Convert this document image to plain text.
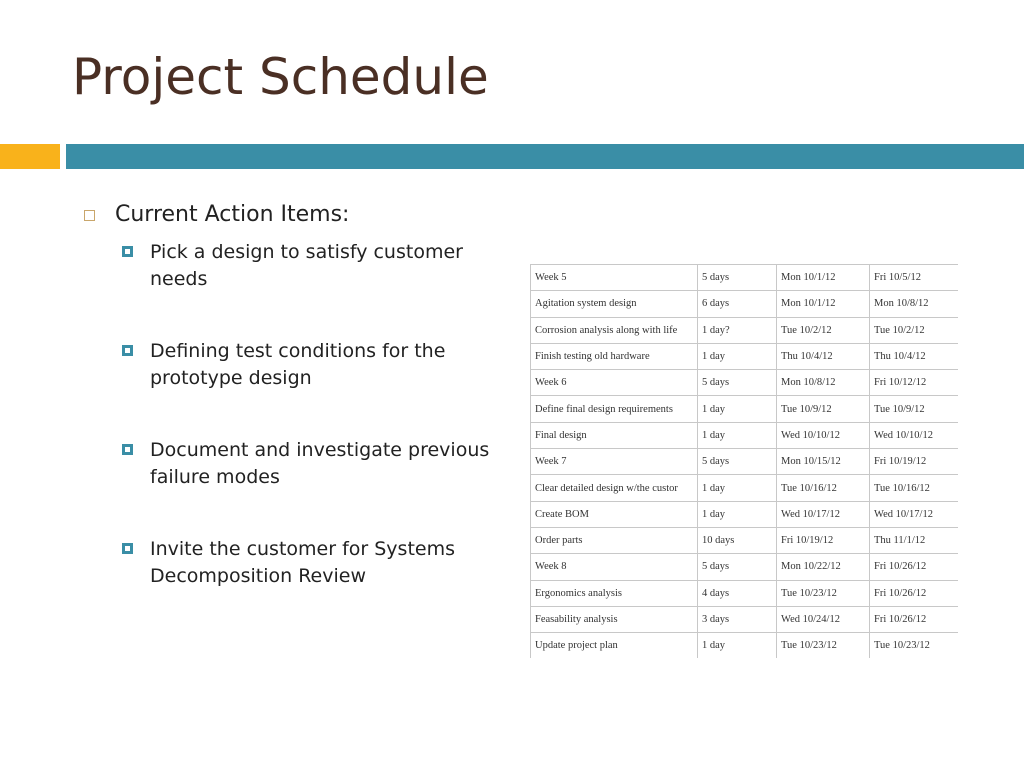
Project Schedule
Current Action Items:
Pick a design to satisfy customer needs
Defining test conditions for the prototype design
Document and investigate previous failure modes
Invite the customer for Systems Decomposition Review
Week 5	5 days	Mon 10/1/12	Fri 10/5/12
Agitation system design	6 days	Mon 10/1/12	Mon 10/8/12
Corrosion analysis along with life	1 day?	Tue 10/2/12	Tue 10/2/12
Finish testing old hardware	1 day	Thu 10/4/12	Thu 10/4/12
Week 6	5 days	Mon 10/8/12	Fri 10/12/12
Define final design requirements	1 day	Tue 10/9/12	Tue 10/9/12
Final design	1 day	Wed 10/10/12	Wed 10/10/12
Week 7	5 days	Mon 10/15/12	Fri 10/19/12
Clear detailed design w/the custor	1 day	Tue 10/16/12	Tue 10/16/12
Create BOM	1 day	Wed 10/17/12	Wed 10/17/12
Order parts	10 days	Fri 10/19/12	Thu 11/1/12
Week 8	5 days	Mon 10/22/12	Fri 10/26/12
Ergonomics analysis	4 days	Tue 10/23/12	Fri 10/26/12
Feasability analysis	3 days	Wed 10/24/12	Fri 10/26/12
Update project plan	1 day	Tue 10/23/12	Tue 10/23/12
